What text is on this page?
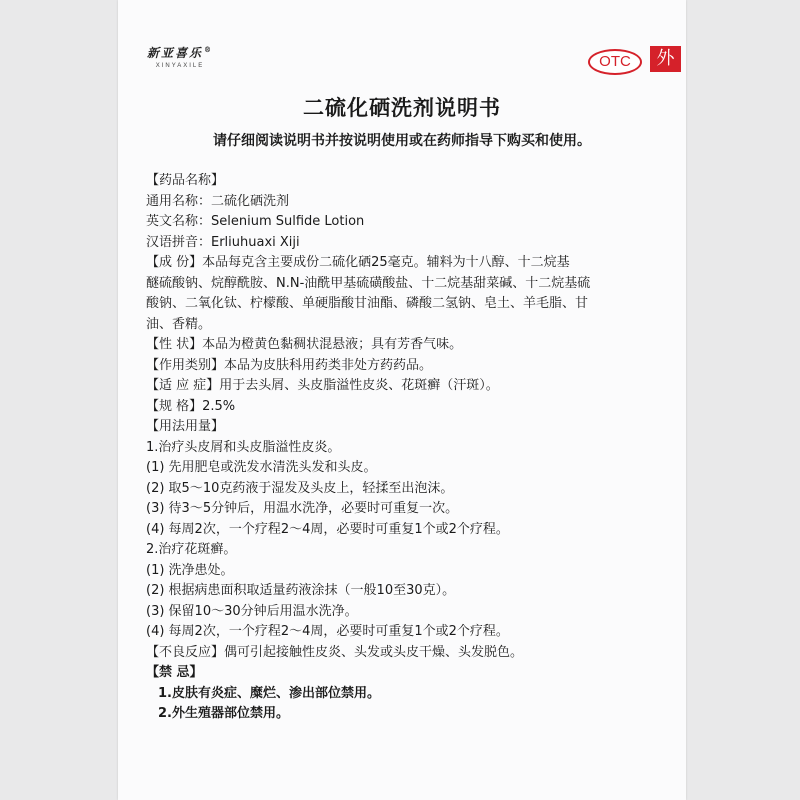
新亚喜乐®
XINYAXILE	OTC	外
二硫化硒洗剂说明书
请仔细阅读说明书并按说明使用或在药师指导下购买和使用。
【药品名称】
通用名称：二硫化硒洗剂
英文名称：Selenium Sulfide Lotion
汉语拼音：Erliuhuaxi Xiji
【成 份】本品每克含主要成份二硫化硒25毫克。辅料为十八醇、十二烷基
醚硫酸钠、烷醇酰胺、N.N-油酰甲基硫磺酸盐、十二烷基甜菜碱、十二烷基硫
酸钠、二氧化钛、柠檬酸、单硬脂酸甘油酯、磷酸二氢钠、皂土、羊毛脂、甘
油、香精。
【性 状】本品为橙黄色黏稠状混悬液；具有芳香气味。
【作用类别】本品为皮肤科用药类非处方药药品。
【适 应 症】用于去头屑、头皮脂溢性皮炎、花斑癣（汗斑）。
【规 格】2.5%
【用法用量】
1.治疗头皮屑和头皮脂溢性皮炎。
(1) 先用肥皂或洗发水清洗头发和头皮。
(2) 取5～10克药液于湿发及头皮上，轻揉至出泡沫。
(3) 待3～5分钟后，用温水洗净，必要时可重复一次。
(4) 每周2次，一个疗程2～4周，必要时可重复1个或2个疗程。
2.治疗花斑癣。
(1) 洗净患处。
(2) 根据病患面积取适量药液涂抹（一般10至30克）。
(3) 保留10～30分钟后用温水洗净。
(4) 每周2次，一个疗程2～4周，必要时可重复1个或2个疗程。
【不良反应】偶可引起接触性皮炎、头发或头皮干燥、头发脱色。
【禁 忌】
1.皮肤有炎症、糜烂、渗出部位禁用。
2.外生殖器部位禁用。
